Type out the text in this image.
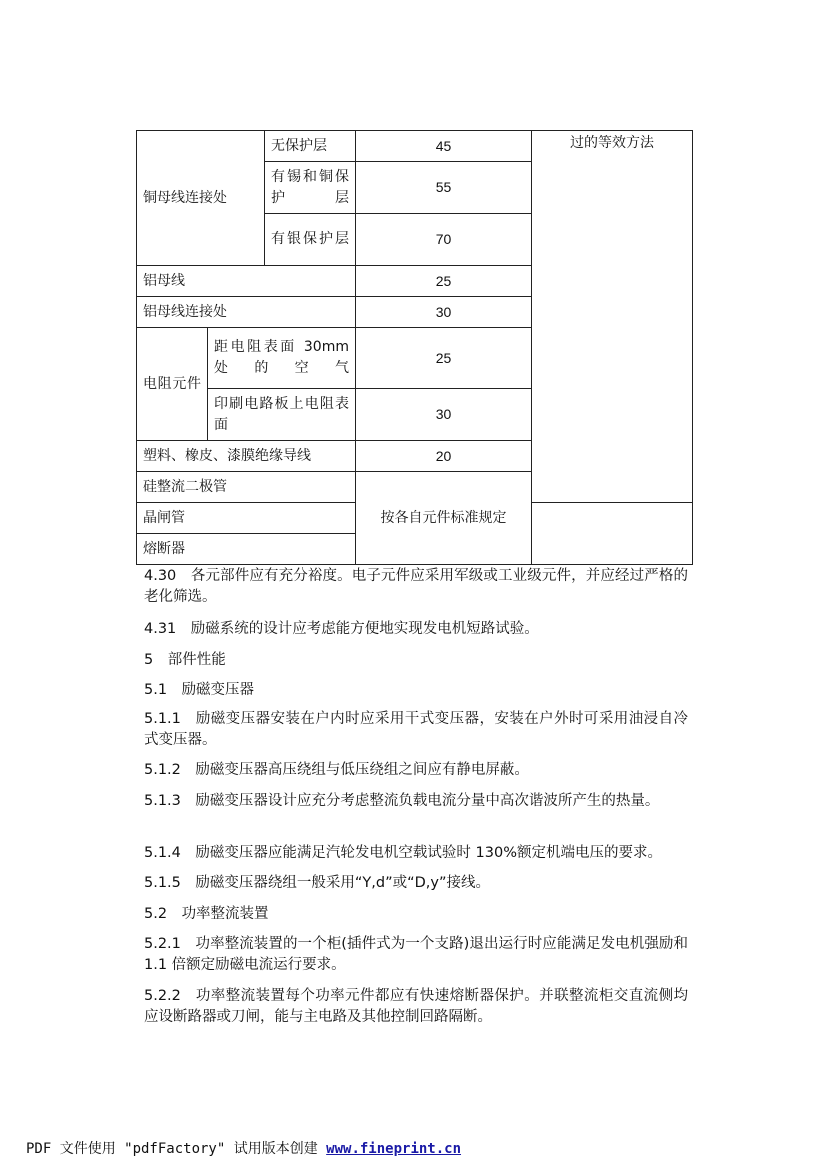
铜母线连接处		无保护层	45	过的等效方法
		有锡和铜保护层	55	
		有银保护层	70	
铝母线			25	
铝母线连接处			30	
电阻元件	距电阻表面 30mm 处的空气		25	
	印刷电路板上电阻表面		30	
塑料、橡皮、漆膜绝缘导线			20	
硅整流二极管			按各自元件标准规定	
晶闸管				
熔断器				
4.30  各元部件应有充分裕度。电子元件应采用军级或工业级元件，并应经过严格的老化筛选。
4.31  励磁系统的设计应考虑能方便地实现发电机短路试验。
5  部件性能
5.1  励磁变压器
5.1.1  励磁变压器安装在户内时应采用干式变压器，安装在户外时可采用油浸自冷式变压器。
5.1.2  励磁变压器高压绕组与低压绕组之间应有静电屏蔽。
5.1.3  励磁变压器设计应充分考虑整流负载电流分量中高次谐波所产生的热量。
5.1.4  励磁变压器应能满足汽轮发电机空载试验时 130%额定机端电压的要求。
5.1.5  励磁变压器绕组一般采用“Y,d”或“D,y”接线。
5.2  功率整流装置
5.2.1  功率整流装置的一个柜(插件式为一个支路)退出运行时应能满足发电机强励和 1.1 倍额定励磁电流运行要求。
5.2.2  功率整流装置每个功率元件都应有快速熔断器保护。并联整流柜交直流侧均应设断路器或刀闸，能与主电路及其他控制回路隔断。
PDF 文件使用 "pdfFactory" 试用版本创建 www.fineprint.cn
